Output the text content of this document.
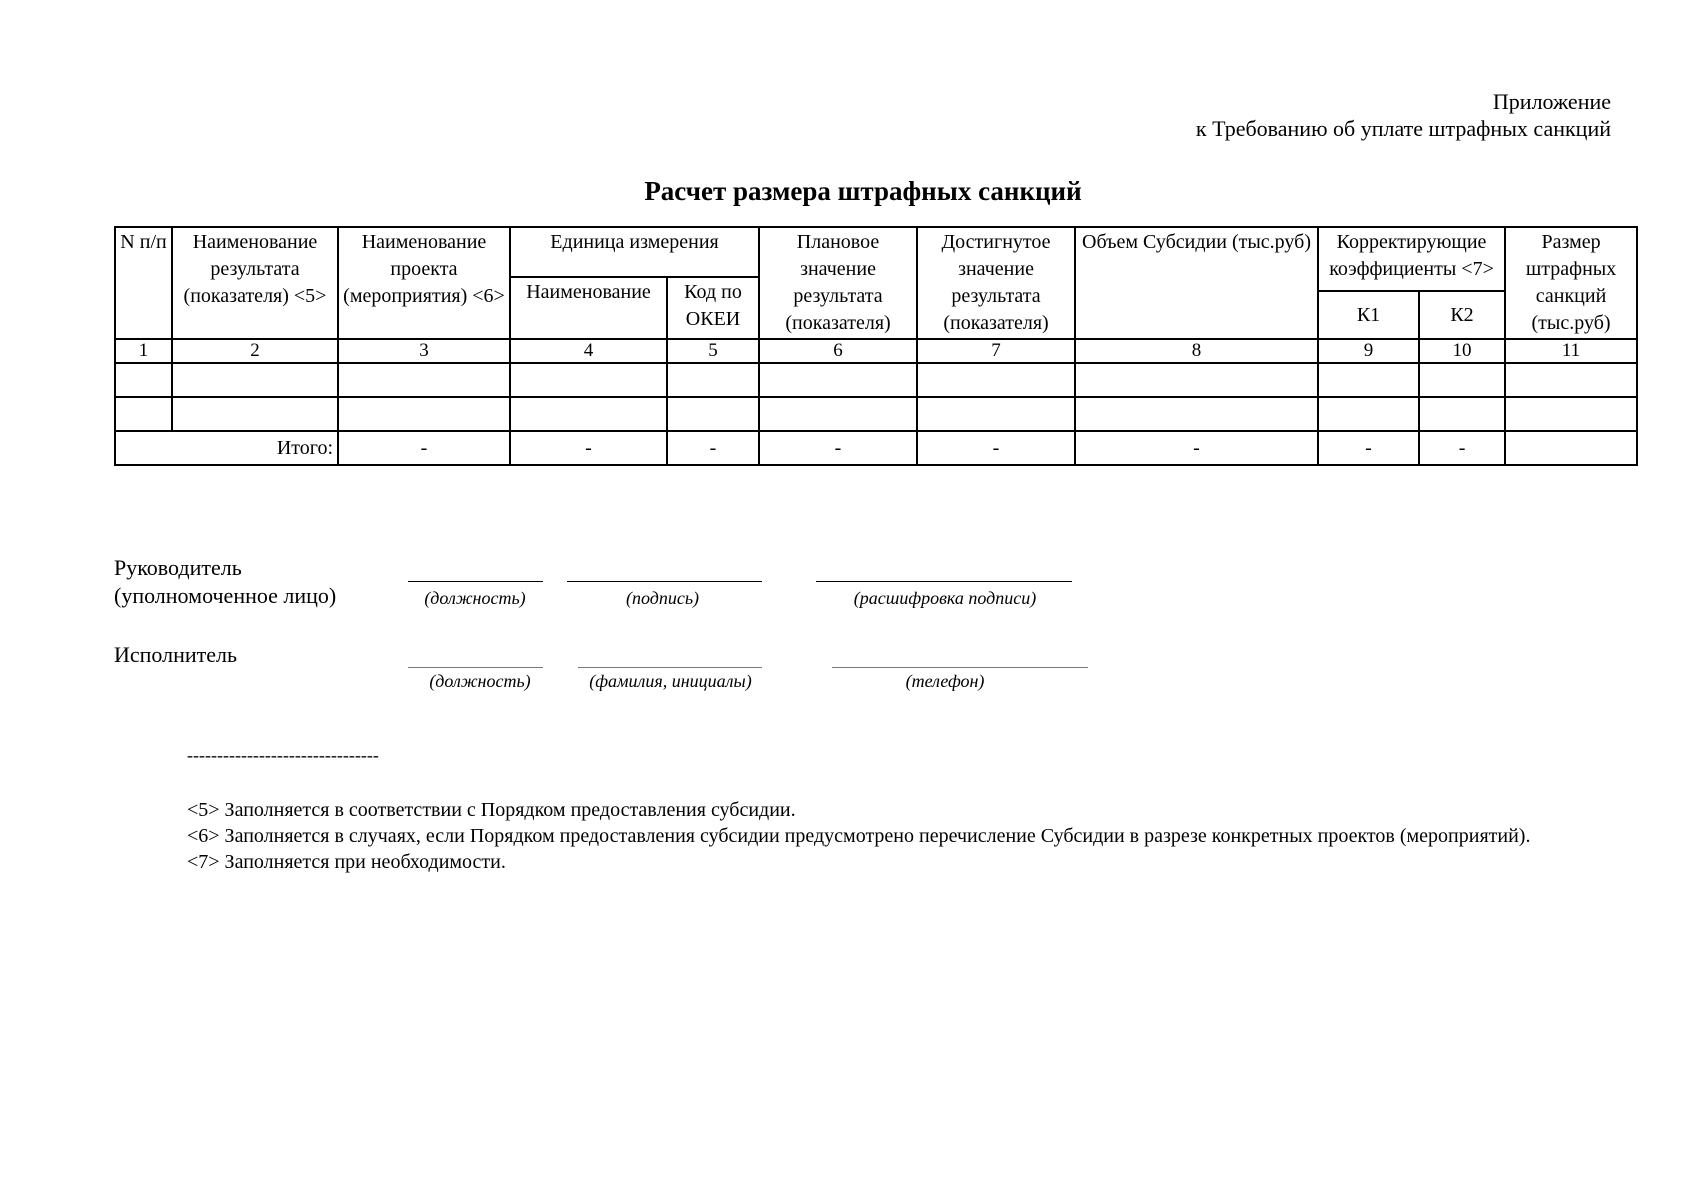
Приложение
к Требованию об уплате штрафных санкций
Расчет размера штрафных санкций
N п/п	Наименование результата (показателя) <5>	Наименование проекта (мероприятия) <6>	Единица измерения		Плановое значение результата (показателя)	Достигнутое значение результата (показателя)	Объем Субсидии (тыс.руб)	Корректирующие коэффициенты <7>		Размер штрафных санкций (тыс.руб)
			Наименование	Код по ОКЕИ						
								К1	К2	
1	2	3	4	5	6	7	8	9	10	11

Итого:		-	-	-	-	-	-	-	-	
Руководитель
(уполномоченное лицо)	(должность)	(подпись)	(расшифровка подписи)
Исполнитель
(должность)	(фамилия, инициалы)	(телефон)
--------------------------------

<5> Заполняется в соответствии с Порядком предоставления субсидии.

<6> Заполняется в случаях, если Порядком предоставления субсидии предусмотрено перечисление Субсидии в разрезе конкретных проектов (мероприятий).

<7> Заполняется при необходимости.
